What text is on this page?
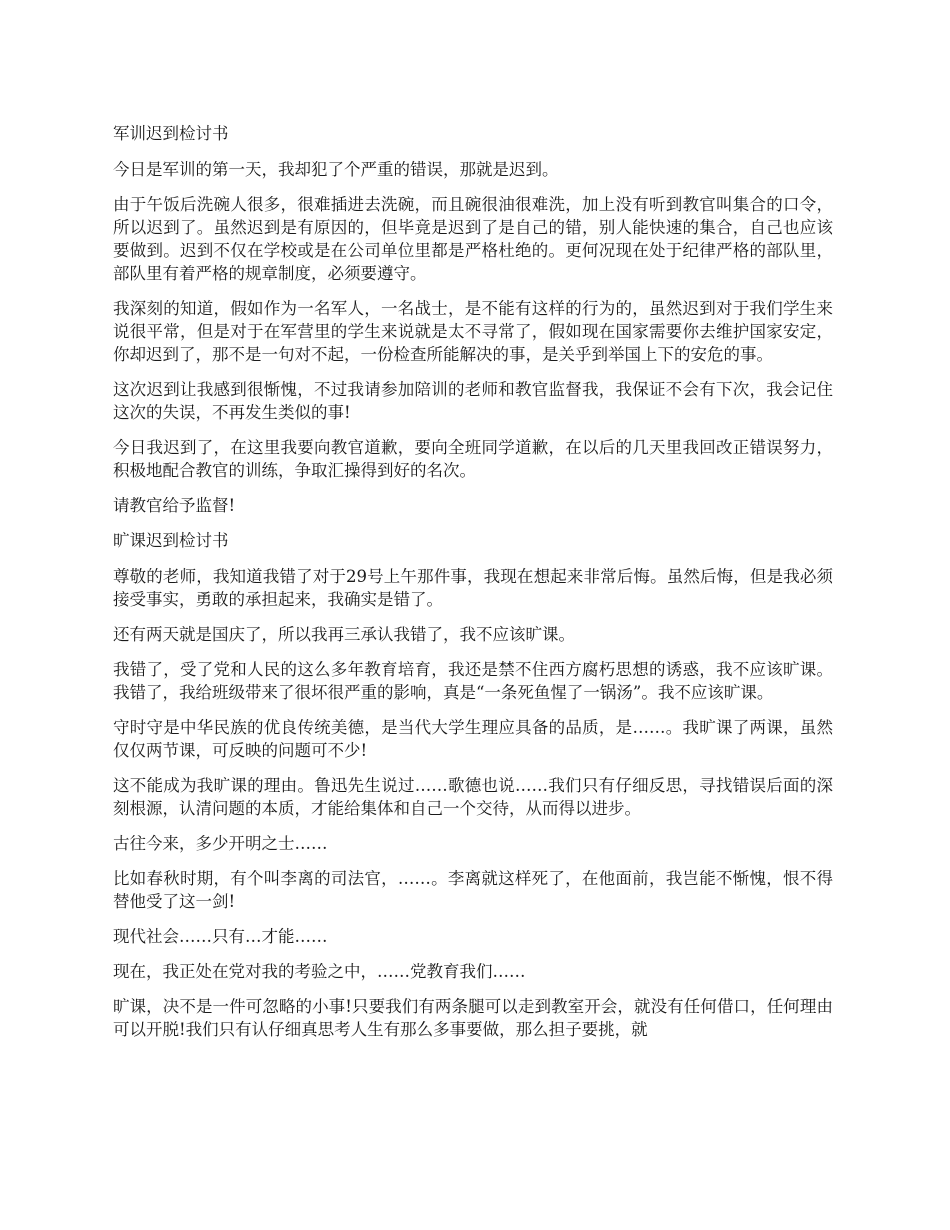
军训迟到检讨书

今日是军训的第一天，我却犯了个严重的错误，那就是迟到。

由于午饭后洗碗人很多，很难插进去洗碗，而且碗很油很难洗，加上没有听到教官叫集合的口令，所以迟到了。虽然迟到是有原因的，但毕竟是迟到了是自己的错，别人能快速的集合，自己也应该要做到。迟到不仅在学校或是在公司单位里都是严格杜绝的。更何况现在处于纪律严格的部队里，部队里有着严格的规章制度，必须要遵守。

我深刻的知道，假如作为一名军人，一名战士，是不能有这样的行为的，虽然迟到对于我们学生来说很平常，但是对于在军营里的学生来说就是太不寻常了，假如现在国家需要你去维护国家安定，你却迟到了，那不是一句对不起，一份检查所能解决的事，是关乎到举国上下的安危的事。

这次迟到让我感到很惭愧，不过我请参加陪训的老师和教官监督我，我保证不会有下次，我会记住这次的失误，不再发生类似的事!

今日我迟到了，在这里我要向教官道歉，要向全班同学道歉，在以后的几天里我回改正错误努力，积极地配合教官的训练，争取汇操得到好的名次。

请教官给予监督!

旷课迟到检讨书

尊敬的老师，我知道我错了对于29号上午那件事，我现在想起来非常后悔。虽然后悔，但是我必须接受事实，勇敢的承担起来，我确实是错了。

还有两天就是国庆了，所以我再三承认我错了，我不应该旷课。

我错了，受了党和人民的这么多年教育培育，我还是禁不住西方腐朽思想的诱惑，我不应该旷课。我错了，我给班级带来了很坏很严重的影响，真是“一条死鱼惺了一锅汤”。我不应该旷课。

守时守是中华民族的优良传统美德，是当代大学生理应具备的品质，是……。我旷课了两课，虽然仅仅两节课，可反映的问题可不少!

这不能成为我旷课的理由。鲁迅先生说过……歌德也说……我们只有仔细反思，寻找错误后面的深刻根源，认清问题的本质，才能给集体和自己一个交待，从而得以进步。

古往今来，多少开明之士……

比如春秋时期，有个叫李离的司法官，……。李离就这样死了，在他面前，我岂能不惭愧，恨不得替他受了这一剑!

现代社会……只有…才能……

现在，我正处在党对我的考验之中，……党教育我们……

旷课，决不是一件可忽略的小事!只要我们有两条腿可以走到教室开会，就没有任何借口，任何理由可以开脱!我们只有认仔细真思考人生有那么多事要做，那么担子要挑，就
